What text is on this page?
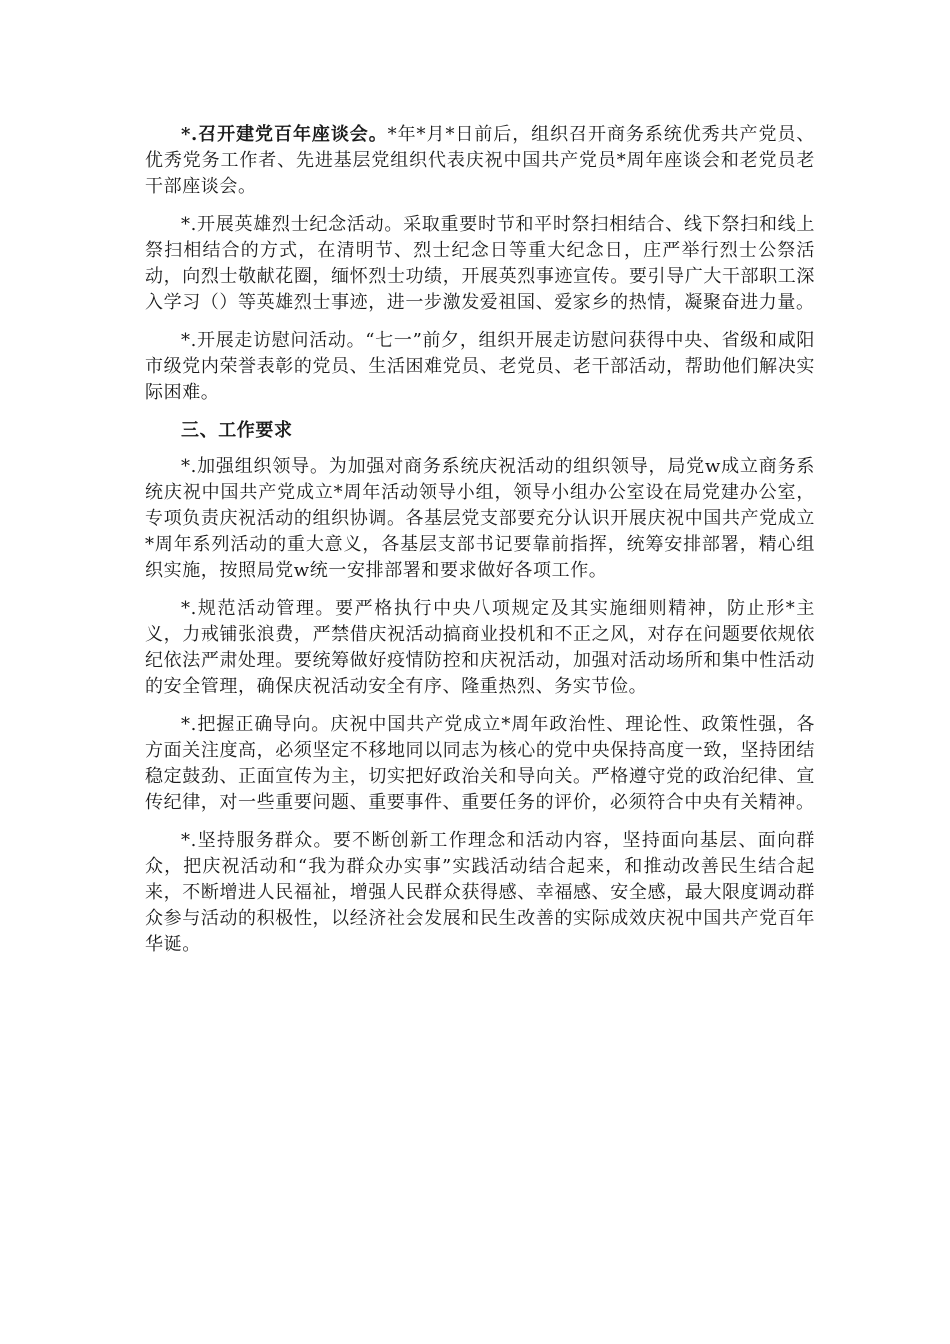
*.召开建党百年座谈会。*年*月*日前后，组织召开商务系统优秀共产党员、优秀党务工作者、先进基层党组织代表庆祝中国共产党员*周年座谈会和老党员老干部座谈会。

*.开展英雄烈士纪念活动。采取重要时节和平时祭扫相结合、线下祭扫和线上祭扫相结合的方式，在清明节、烈士纪念日等重大纪念日，庄严举行烈士公祭活动，向烈士敬献花圈，缅怀烈士功绩，开展英烈事迹宣传。要引导广大干部职工深入学习（）等英雄烈士事迹，进一步激发爱祖国、爱家乡的热情，凝聚奋进力量。

*.开展走访慰问活动。“七一”前夕，组织开展走访慰问获得中央、省级和咸阳市级党内荣誉表彰的党员、生活困难党员、老党员、老干部活动，帮助他们解决实际困难。

三、工作要求

*.加强组织领导。为加强对商务系统庆祝活动的组织领导，局党w成立商务系统庆祝中国共产党成立*周年活动领导小组，领导小组办公室设在局党建办公室，专项负责庆祝活动的组织协调。各基层党支部要充分认识开展庆祝中国共产党成立*周年系列活动的重大意义，各基层支部书记要靠前指挥，统筹安排部署，精心组织实施，按照局党w统一安排部署和要求做好各项工作。

*.规范活动管理。要严格执行中央八项规定及其实施细则精神，防止形*主义，力戒铺张浪费，严禁借庆祝活动搞商业投机和不正之风，对存在问题要依规依纪依法严肃处理。要统筹做好疫情防控和庆祝活动，加强对活动场所和集中性活动的安全管理，确保庆祝活动安全有序、隆重热烈、务实节俭。

*.把握正确导向。庆祝中国共产党成立*周年政治性、理论性、政策性强，各方面关注度高，必须坚定不移地同以同志为核心的党中央保持高度一致，坚持团结稳定鼓劲、正面宣传为主，切实把好政治关和导向关。严格遵守党的政治纪律、宣传纪律，对一些重要问题、重要事件、重要任务的评价，必须符合中央有关精神。

*.坚持服务群众。要不断创新工作理念和活动内容，坚持面向基层、面向群众，把庆祝活动和“我为群众办实事”实践活动结合起来，和推动改善民生结合起来，不断增进人民福祉，增强人民群众获得感、幸福感、安全感，最大限度调动群众参与活动的积极性，以经济社会发展和民生改善的实际成效庆祝中国共产党百年华诞。
